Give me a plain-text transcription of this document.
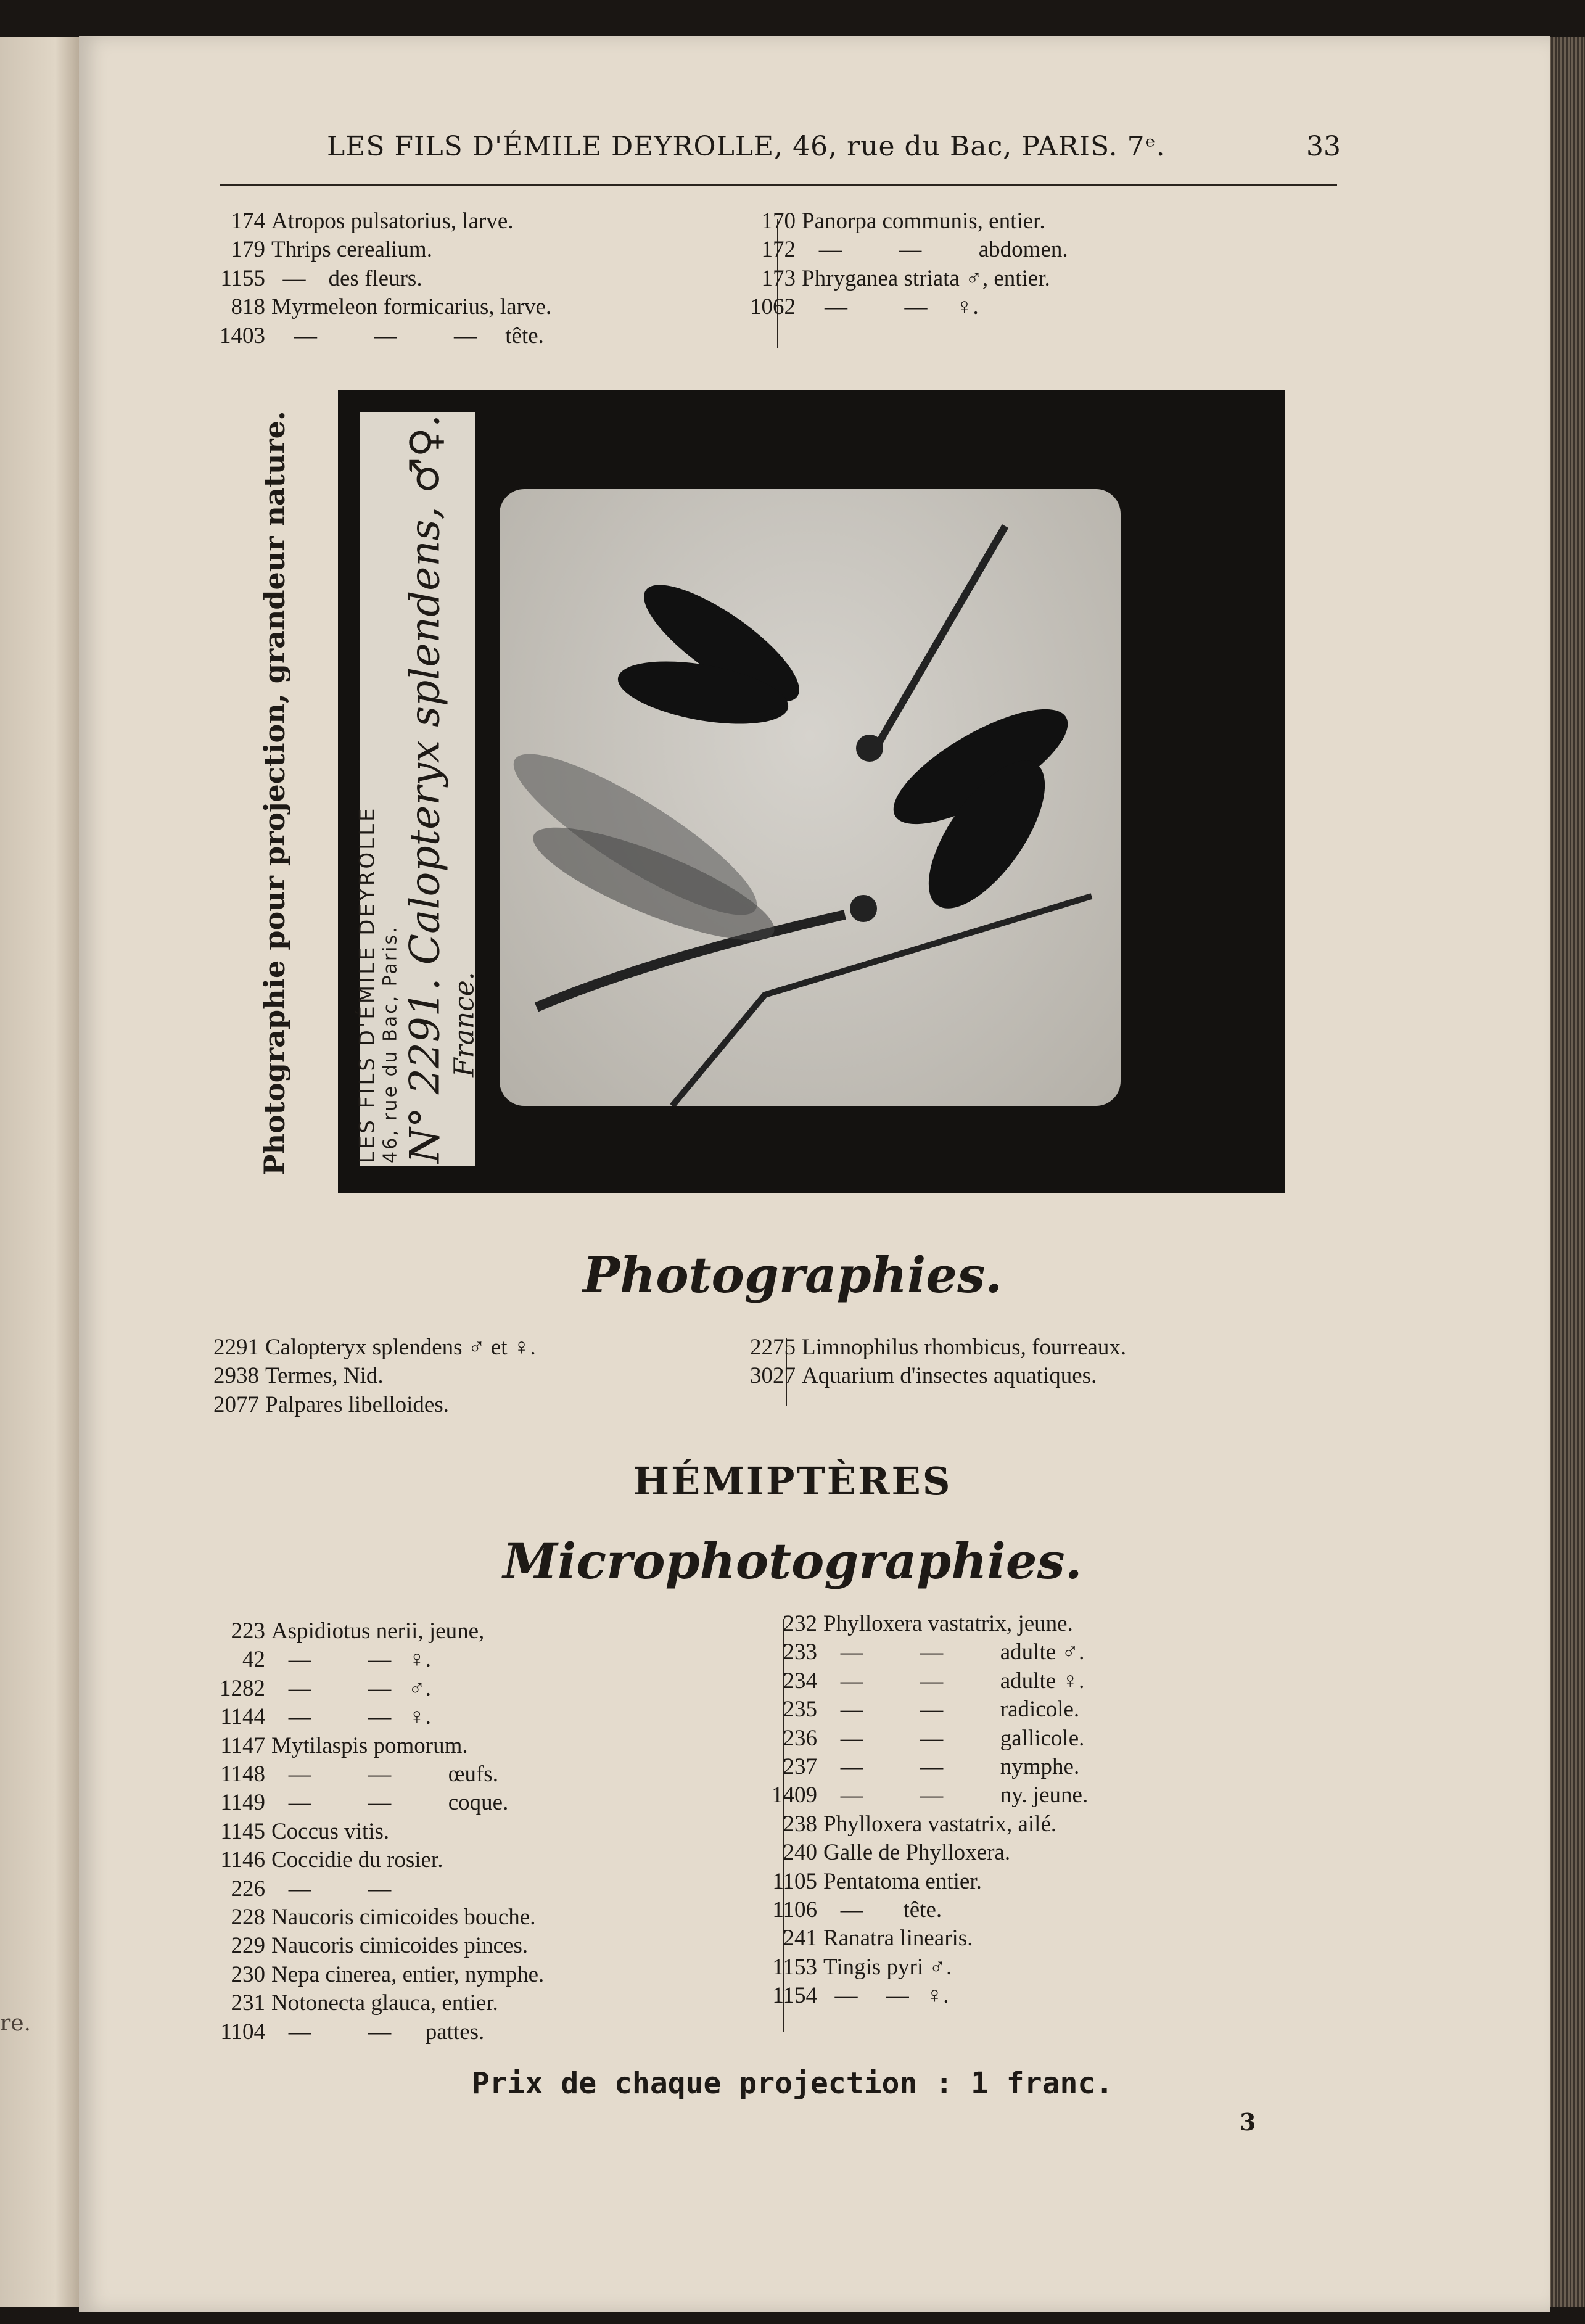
re.
LES FILS D'ÉMILE DEYROLLE, 46, rue du Bac, PARIS. 7ᵉ.	33
174 Atropos pulsatorius, larve.
179 Thrips cerealium.
1155 —    des fleurs.
818 Myrmeleon formicarius, larve.
1403 —          —          —     tête.
170 Panorpa communis, entier.
172 —          —          abdomen.
173 Phryganea striata ♂, entier.
1062 —          —     ♀.
Photographie pour projection, grandeur nature.	LES FILS D'ÉMILE DEYROLLE 46, rue du Bac, Paris. N° 2291. Calopteryx splendens, ♂♀. France.
Photographies.
2291 Calopteryx splendens ♂ et ♀.
2938 Termes, Nid.
2077 Palpares libelloides.
2275 Limnophilus rhombicus, fourreaux.
3027 Aquarium d'insectes aquatiques.
HÉMIPTÈRES
Microphotographies.
223 Aspidiotus nerii, jeune,
42 —          —   ♀.
1282 —          —   ♂.
1144 —          —   ♀.
1147 Mytilaspis pomorum.
1148 —          —          œufs.
1149 —          —          coque.
1145 Coccus vitis.
1146 Coccidie du rosier.
226 —          —
228 Naucoris cimicoides bouche.
229 Naucoris cimicoides pinces.
230 Nepa cinerea, entier, nymphe.
231 Notonecta glauca, entier.
1104 —          —      pattes.
232 Phylloxera vastatrix, jeune.
233 —          —          adulte ♂.
234 —          —          adulte ♀.
235 —          —          radicole.
236 —          —          gallicole.
237 —          —          nymphe.
1409 —          —          ny. jeune.
238 Phylloxera vastatrix, ailé.
240 Galle de Phylloxera.
1105 Pentatoma entier.
1106 —       tête.
241 Ranatra linearis.
1153 Tingis pyri ♂.
1154 —     —   ♀.
Prix de chaque projection : 1 franc.
3
